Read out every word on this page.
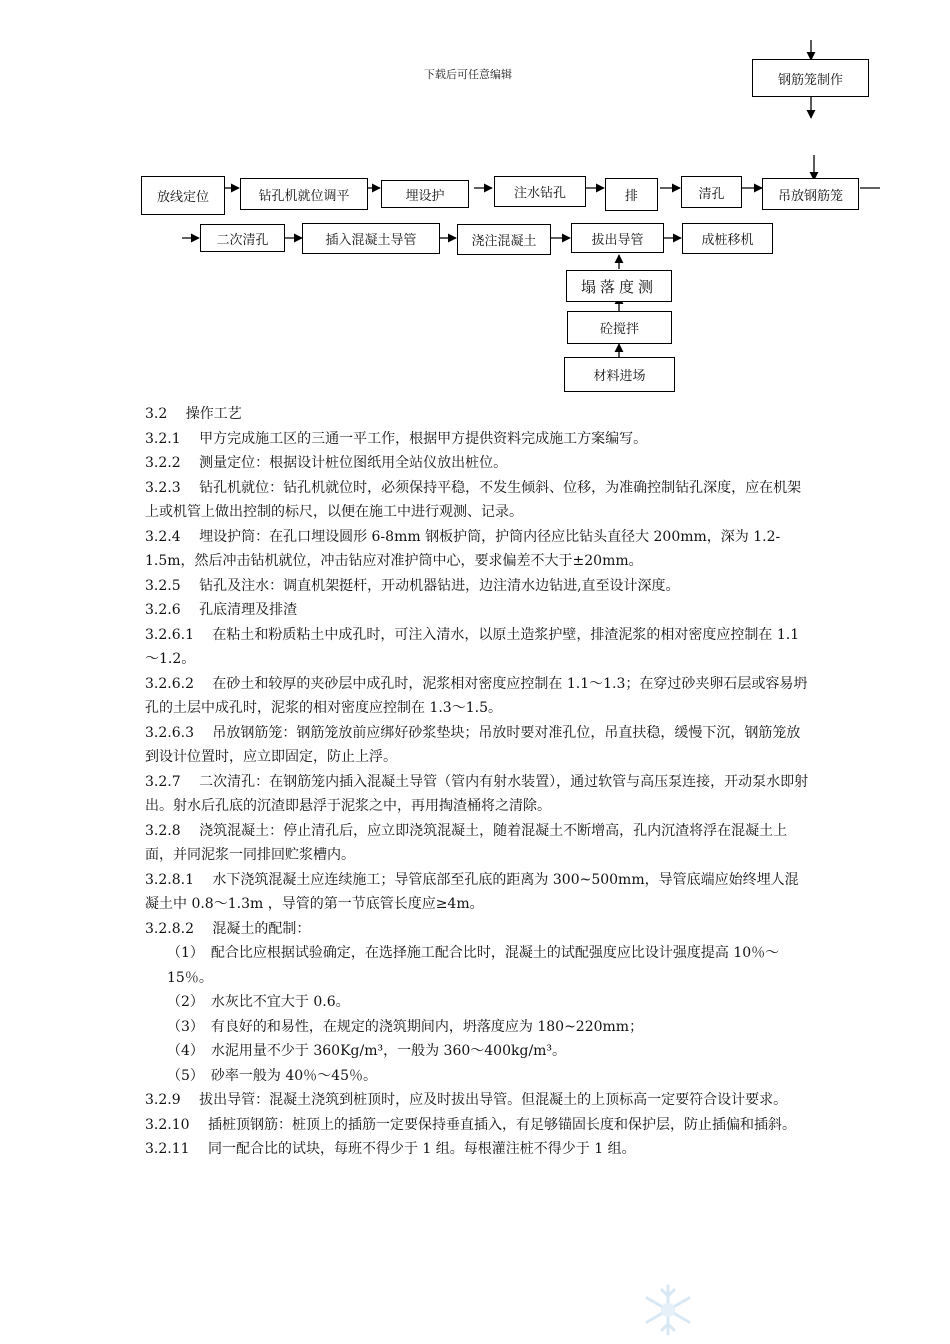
下载后可任意编辑	钢筋笼制作
放线定位	钻孔机就位调平	埋设护	注水钻孔	排	清孔	吊放钢筋笼
二次清孔	插入混凝土导管	浇注混凝土	拔出导管	成桩移机
塌落度测
砼搅拌
材料进场

3.2　 操作工艺

3.2.1　 甲方完成施工区的三通一平工作，根据甲方提供资料完成施工方案编写。

3.2.2　 测量定位：根据设计桩位图纸用全站仪放出桩位。

3.2.3　 钻孔机就位：钻孔机就位时，必须保持平稳，不发生倾斜、位移，为准确控制钻孔深度，应在机架上或机管上做出控制的标尺，以便在施工中进行观测、记录。

3.2.4　 埋设护筒：在孔口埋设圆形 6-8mm 钢板护筒，护筒内径应比钻头直径大 200mm，深为 1.2-1.5m，然后冲击钻机就位，冲击钻应对准护筒中心，要求偏差不大于±20mm。

3.2.5　 钻孔及注水：调直机架挺杆，开动机器钻进，边注清水边钻进,直至设计深度。

3.2.6　 孔底清理及排渣

3.2.6.1　 在粘土和粉质粘土中成孔时，可注入清水，以原土造浆护壁，排渣泥浆的相对密度应控制在 1.1～1.2。

3.2.6.2　 在砂土和较厚的夹砂层中成孔时，泥浆相对密度应控制在 1.1～1.3；在穿过砂夹卵石层或容易坍孔的土层中成孔时，泥浆的相对密度应控制在 1.3～1.5。

3.2.6.3　 吊放钢筋笼：钢筋笼放前应绑好砂浆垫块；吊放时要对准孔位，吊直扶稳，缓慢下沉，钢筋笼放到设计位置时，应立即固定，防止上浮。

3.2.7　 二次清孔：在钢筋笼内插入混凝土导管（管内有射水装置），通过软管与高压泵连接，开动泵水即射出。射水后孔底的沉渣即悬浮于泥浆之中，再用掏渣桶将之清除。

3.2.8　 浇筑混凝土：停止清孔后，应立即浇筑混凝土，随着混凝土不断增高，孔内沉渣将浮在混凝土上面，并同泥浆一同排回贮浆槽内。

3.2.8.1　 水下浇筑混凝土应连续施工；导管底部至孔底的距离为 300~500mm，导管底端应始终埋人混凝土中 0.8～1.3m ，导管的第一节底管长度应≥4m。

3.2.8.2　 混凝土的配制：

（1）　配合比应根据试验确定，在选择施工配合比时，混凝土的试配强度应比设计强度提高 10％～15％。

（2）　水灰比不宜大于 0.6。

（3）　有良好的和易性，在规定的浇筑期间内，坍落度应为 180~220mm；

（4）　水泥用量不少于 360Kg/m³，一般为 360～400kg/m³。

（5）　砂率一般为 40％～45％。

3.2.9　 拔出导管：混凝土浇筑到桩顶时，应及时拔出导管。但混凝土的上顶标高一定要符合设计要求。

3.2.10　 插桩顶钢筋：桩顶上的插筋一定要保持垂直插入，有足够锚固长度和保护层，防止插偏和插斜。

3.2.11　 同一配合比的试块，每班不得少于 1 组。每根灌注桩不得少于 1 组。
